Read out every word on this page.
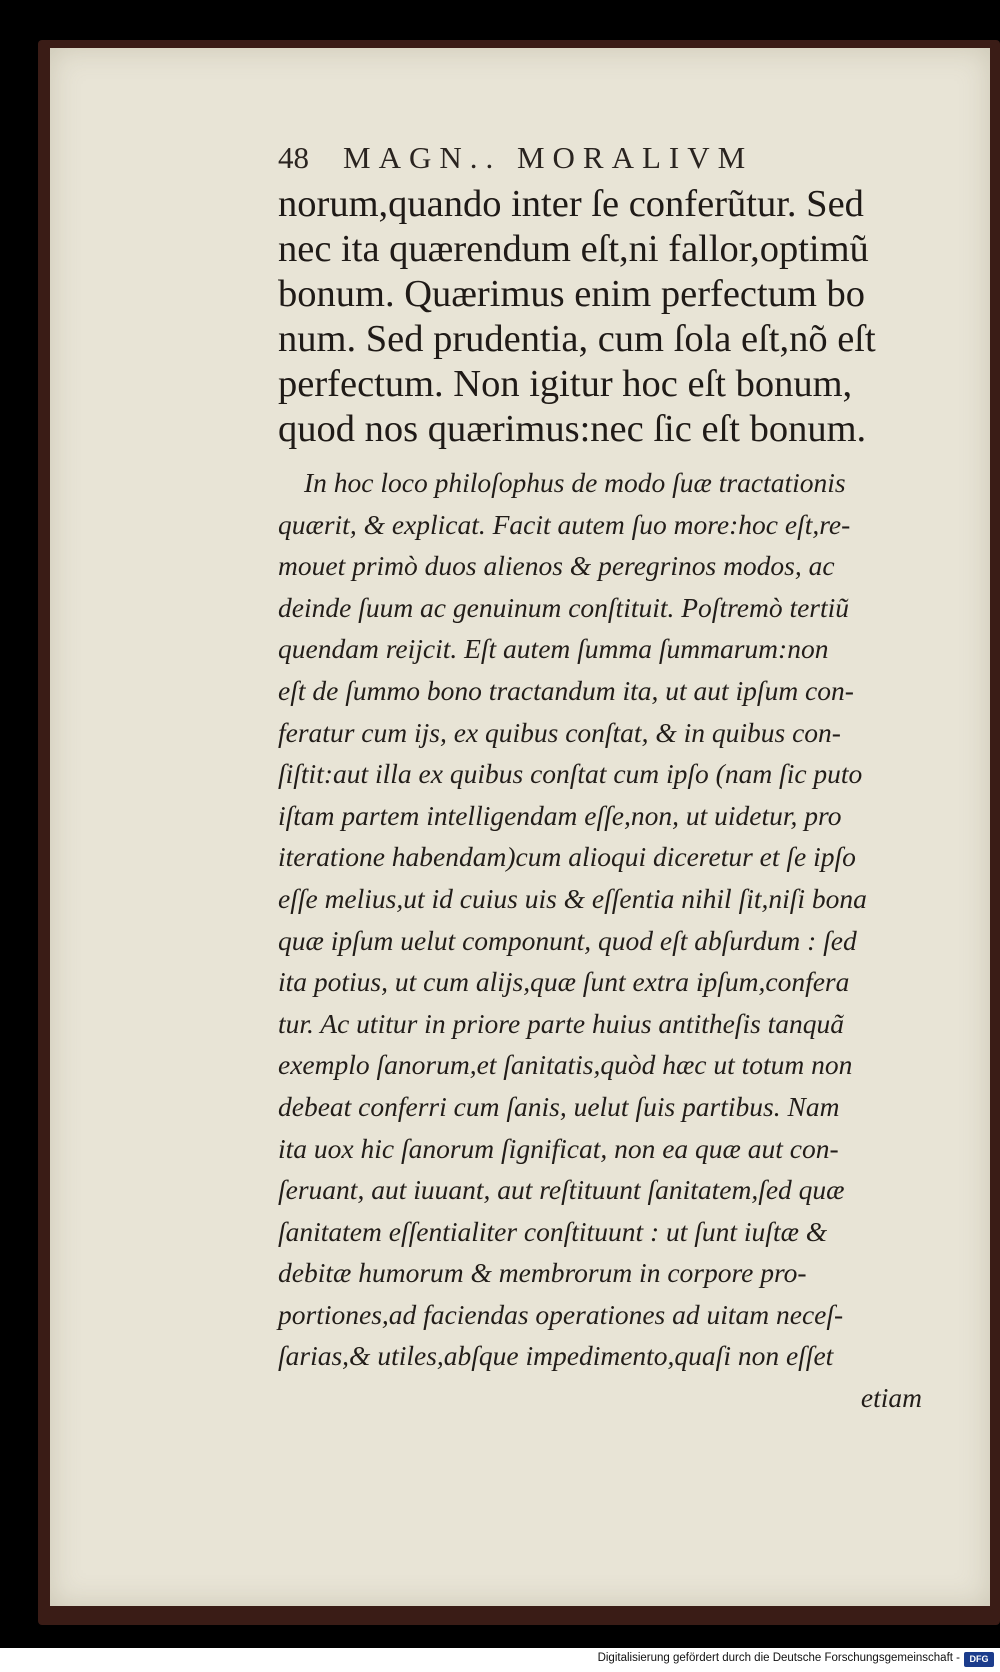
48 MAGN.. MORALIVM
norum,quando inter ſe conferũtur. Sed
nec ita quærendum eſt,ni fallor,optimũ
bonum. Quærimus enim perfectum bo
num. Sed prudentia, cum ſola eſt,nõ eſt
perfectum. Non igitur hoc eſt bonum,
quod nos quærimus:nec ſic eſt bonum.
In hoc loco philoſophus de modo ſuæ tractationis
quærit, & explicat. Facit autem ſuo more:hoc eſt,re-
mouet primò duos alienos & peregrinos modos, ac
deinde ſuum ac genuinum conſtituit. Poſtremò tertiũ
quendam reijcit. Eſt autem ſumma ſummarum:non
eſt de ſummo bono tractandum ita, ut aut ipſum con-
feratur cum ijs, ex quibus conſtat, & in quibus con-
ſiſtit:aut illa ex quibus conſtat cum ipſo (nam ſic puto
iſtam partem intelligendam eſſe,non, ut uidetur, pro
iteratione habendam)cum alioqui diceretur et ſe ipſo
eſſe melius,ut id cuius uis & eſſentia nihil ſit,niſi bona
quæ ipſum uelut componunt, quod eſt abſurdum : ſed
ita potius, ut cum alijs,quæ ſunt extra ipſum,confera
tur. Ac utitur in priore parte huius antitheſis tanquã
exemplo ſanorum,et ſanitatis,quòd hæc ut totum non
debeat conferri cum ſanis, uelut ſuis partibus. Nam
ita uox hic ſanorum ſignificat, non ea quæ aut con-
ſeruant, aut iuuant, aut reſtituunt ſanitatem,ſed quæ
ſanitatem eſſentialiter conſtituunt : ut ſunt iuſtæ &
debitæ humorum & membrorum in corpore pro-
portiones,ad faciendas operationes ad uitam neceſ-
ſarias,& utiles,abſque impedimento,quaſi non eſſet
etiam
Digitalisierung gefördert durch die Deutsche Forschungsgemeinschaft -	DFG
